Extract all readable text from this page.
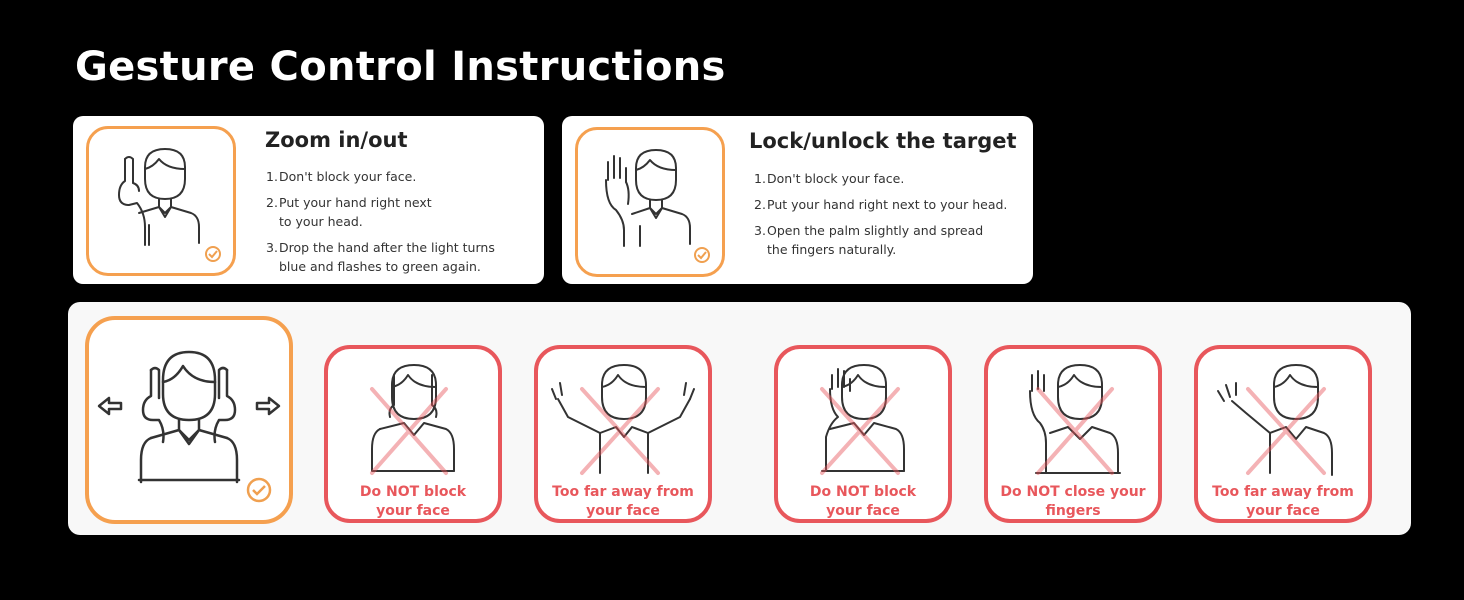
Gesture Control Instructions
Zoom in/out
1. Don't block your face.
2. Put your hand right next to your head.
3. Drop the hand after the light turns blue and flashes to green again.
Lock/unlock the target
1. Don't block your face.
2. Put your hand right next to your head.
3. Open the palm slightly and spread the fingers naturally.
Do NOT block
your face
Too far away from
your face
Do NOT block
your face
Do NOT close your
fingers
Too far away from
your face
